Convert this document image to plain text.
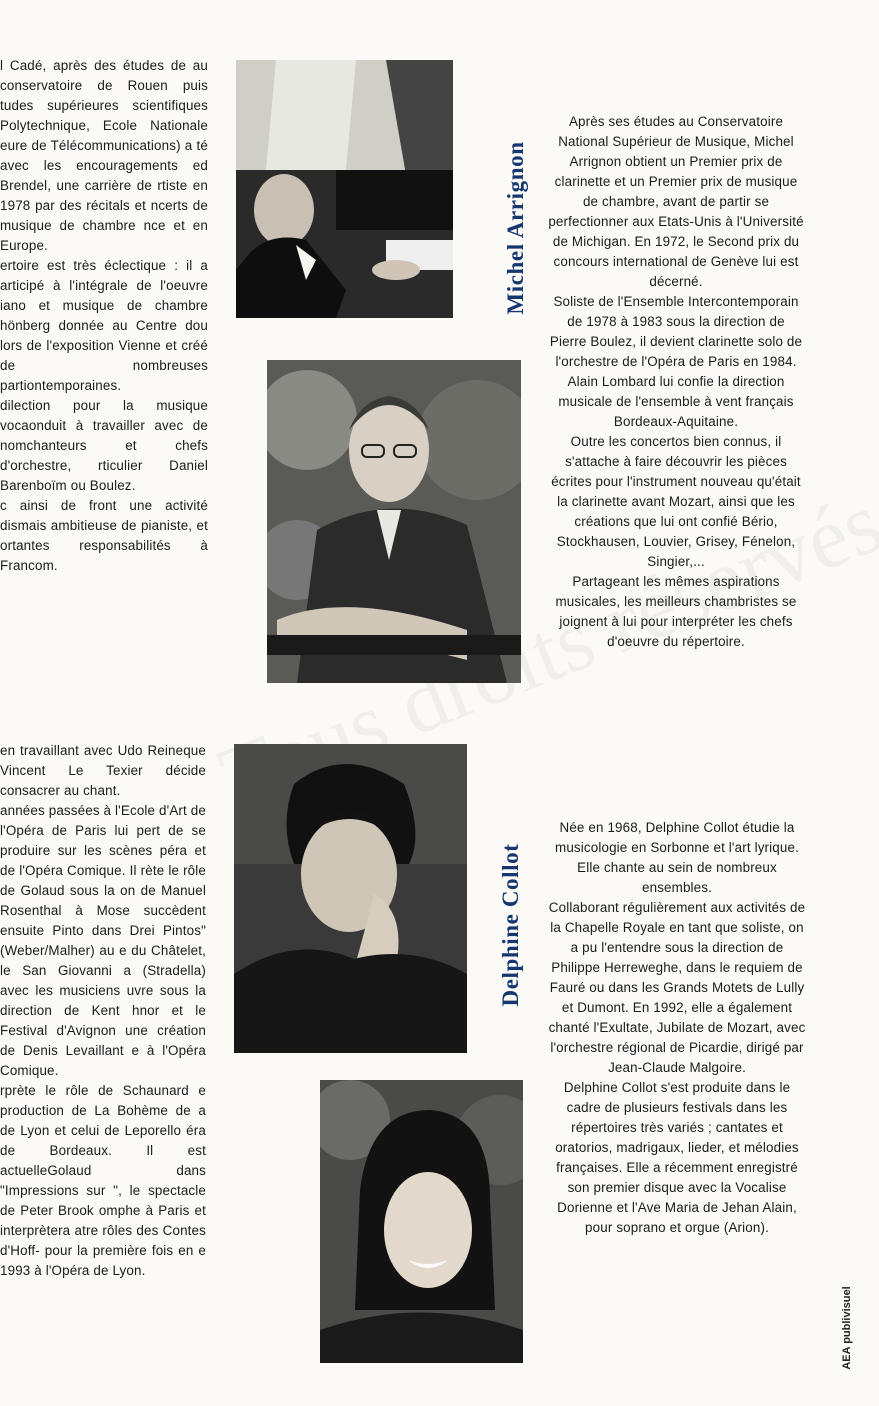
l Cadé, après des études de au conservatoire de Rouen puis tudes supérieures scientifiques Polytechnique, Ecole Nationale eure de Télécommunications) a té avec les encouragements ed Brendel, une carrière de rtiste en 1978 par des récitals et ncerts de musique de chambre nce et en Europe.

ertoire est très éclectique : il a articipé à l'intégrale de l'oeuvre iano et musique de chambre hönberg donnée au Centre dou lors de l'exposition Vienne et créé de nombreuses partiontemporaines.

dilection pour la musique vocaonduit à travailler avec de nomchanteurs et chefs d'orchestre, rticulier Daniel Barenboïm ou Boulez.

c ainsi de front une activité dismais ambitieuse de pianiste, et ortantes responsabilités à Francom.

en travaillant avec Udo Reineque Vincent Le Texier décide consacrer au chant.

années passées à l'Ecole d'Art de l'Opéra de Paris lui pert de se produire sur les scènes péra et de l'Opéra Comique. Il rète le rôle de Golaud sous la on de Manuel Rosenthal à Mose succèdent ensuite Pinto dans Drei Pintos" (Weber/Malher) au e du Châtelet, le San Giovanni a (Stradella) avec les musiciens uvre sous la direction de Kent hnor et le Festival d'Avignon une création de Denis Levaillant e à l'Opéra Comique.

rprète le rôle de Schaunard e production de La Bohème de a de Lyon et celui de Leporello éra de Bordeaux. Il est actuelleGolaud dans "Impressions sur ", le spectacle de Peter Brook omphe à Paris et interprètera atre rôles des Contes d'Hoff- pour la première fois en e 1993 à l'Opéra de Lyon.

Michel Arrignon

Après ses études au Conservatoire National Supérieur de Musique, Michel Arrignon obtient un Premier prix de clarinette et un Premier prix de musique de chambre, avant de partir se perfectionner aux Etats-Unis à l'Université de Michigan. En 1972, le Second prix du concours international de Genève lui est décerné.

Soliste de l'Ensemble Intercontemporain de 1978 à 1983 sous la direction de Pierre Boulez, il devient clarinette solo de l'orchestre de l'Opéra de Paris en 1984.

Alain Lombard lui confie la direction musicale de l'ensemble à vent français Bordeaux-Aquitaine.

Outre les concertos bien connus, il s'attache à faire découvrir les pièces écrites pour l'instrument nouveau qu'était la clarinette avant Mozart, ainsi que les créations que lui ont confié Bério, Stockhausen, Louvier, Grisey, Fénelon, Singier,...

Partageant les mêmes aspirations musicales, les meilleurs chambristes se joignent à lui pour interpréter les chefs d'oeuvre du répertoire.

Delphine Collot

Née en 1968, Delphine Collot étudie la musicologie en Sorbonne et l'art lyrique. Elle chante au sein de nombreux ensembles.

Collaborant régulièrement aux activités de la Chapelle Royale en tant que soliste, on a pu l'entendre sous la direction de Philippe Herreweghe, dans le requiem de Fauré ou dans les Grands Motets de Lully et Dumont. En 1992, elle a également chanté l'Exultate, Jubilate de Mozart, avec l'orchestre régional de Picardie, dirigé par Jean-Claude Malgoire.

Delphine Collot s'est produite dans le cadre de plusieurs festivals dans les répertoires très variés ; cantates et oratorios, madrigaux, lieder, et mélodies françaises. Elle a récemment enregistré son premier disque avec la Vocalise Dorienne et l'Ave Maria de Jehan Alain, pour soprano et orgue (Arion).

AEA publivisuel
